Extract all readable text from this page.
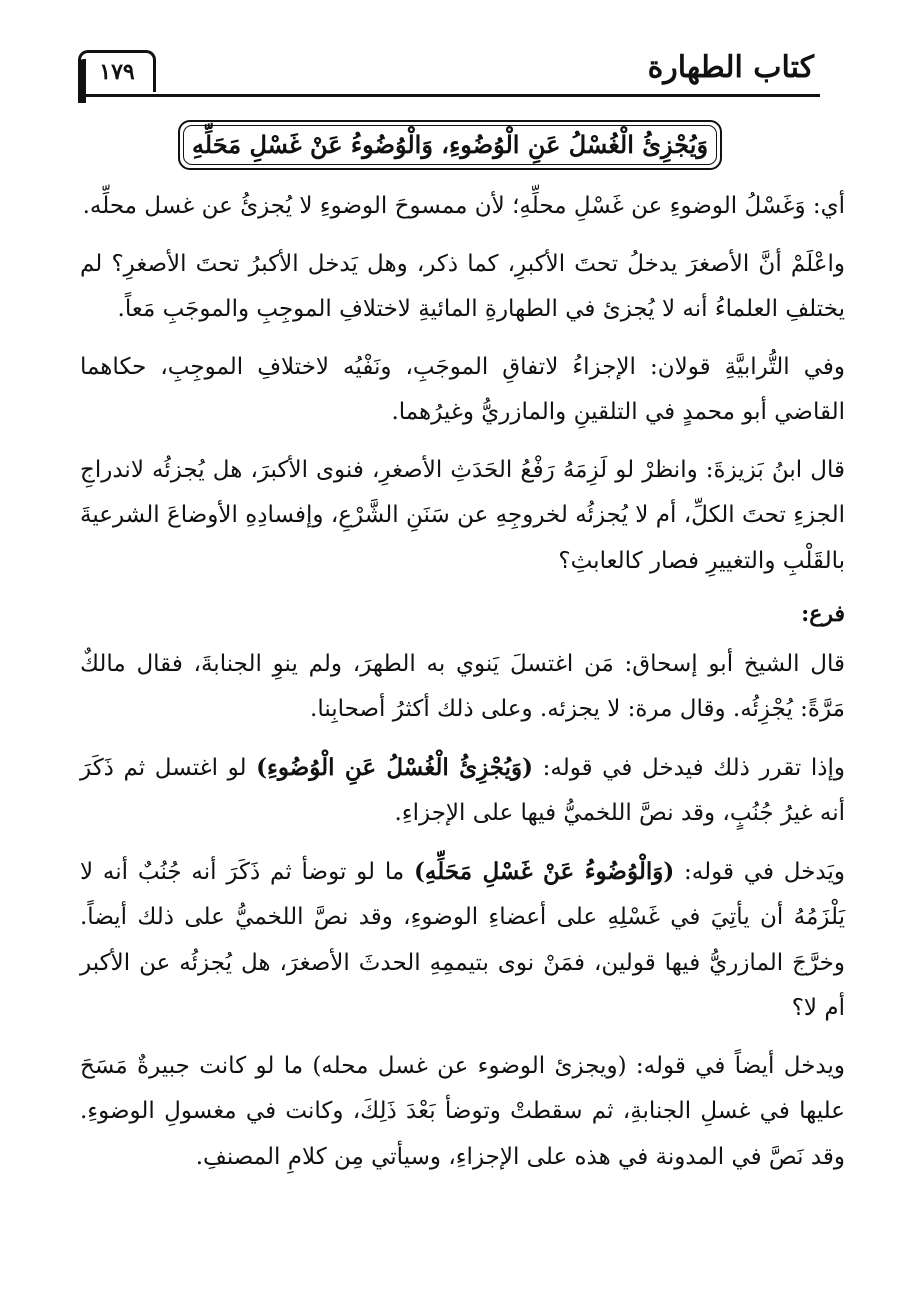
كتاب الطهارة
١٧٩
وَيُجْزِئُ الْغُسْلُ عَنِ الْوُضُوءِ، وَالْوُضُوءُ عَنْ غَسْلِ مَحَلِّهِ

أي: وَغَسْلُ الوضوءِ عن غَسْلِ محلِّهِ؛ لأن ممسوحَ الوضوءِ لا يُجزئُ عن غسل محلِّه.

واعْلَمْ أنَّ الأصغرَ يدخلُ تحتَ الأكبرِ، كما ذكر، وهل يَدخل الأكبرُ تحتَ الأصغرِ؟ لم يختلفِ العلماءُ أنه لا يُجزئ في الطهارةِ المائيةِ لاختلافِ الموجِبِ والموجَبِ مَعاً.

وفي التُّرابيَّةِ قولان: الإجزاءُ لاتفاقِ الموجَبِ، ونَفْيُه لاختلافِ الموجِبِ، حكاهما القاضي أبو محمدٍ في التلقينِ والمازريُّ وغيرُهما.

قال ابنُ بَزيزةَ: وانظرْ لو لَزِمَهُ رَفْعُ الحَدَثِ الأصغرِ، فنوى الأكبرَ، هل يُجزئُه لاندراجِ الجزءِ تحتَ الكلِّ، أم لا يُجزئُه لخروجِهِ عن سَنَنِ الشَّرْعِ، وإفسادِهِ الأوضاعَ الشرعيةَ بالقَلْبِ والتغييرِ فصار كالعابثِ؟

فرع:

قال الشيخ أبو إسحاق: مَن اغتسلَ يَنوي به الطهرَ، ولم ينوِ الجنابةَ، فقال مالكٌ مَرَّةً: يُجْزِئُه. وقال مرة: لا يجزئه. وعلى ذلك أكثرُ أصحابِنا.

وإذا تقرر ذلك فيدخل في قوله: (وَيُجْزِئُ الْغُسْلُ عَنِ الْوُضُوءِ) لو اغتسل ثم ذَكَرَ أنه غيرُ جُنُبٍ، وقد نصَّ اللخميُّ فيها على الإجزاءِ.

ويَدخل في قوله: (وَالْوُضُوءُ عَنْ غَسْلِ مَحَلِّهِ) ما لو توضأ ثم ذَكَرَ أنه جُنُبٌ أنه لا يَلْزَمُهُ أن يأتِيَ في غَسْلِهِ على أعضاءِ الوضوءِ، وقد نصَّ اللخميُّ على ذلك أيضاً. وخرَّجَ المازريُّ فيها قولين، فمَنْ نوى بتيممِهِ الحدثَ الأصغرَ، هل يُجزئُه عن الأكبر أم لا؟

ويدخل أيضاً في قوله: (ويجزئ الوضوء عن غسل محله) ما لو كانت جبيرةٌ مَسَحَ عليها في غسلِ الجنابةِ، ثم سقطتْ وتوضأ بَعْدَ ذَلِكَ، وكانت في مغسولِ الوضوءِ. وقد نَصَّ في المدونة في هذه على الإجزاءِ، وسيأتي مِن كلامِ المصنفِ.
